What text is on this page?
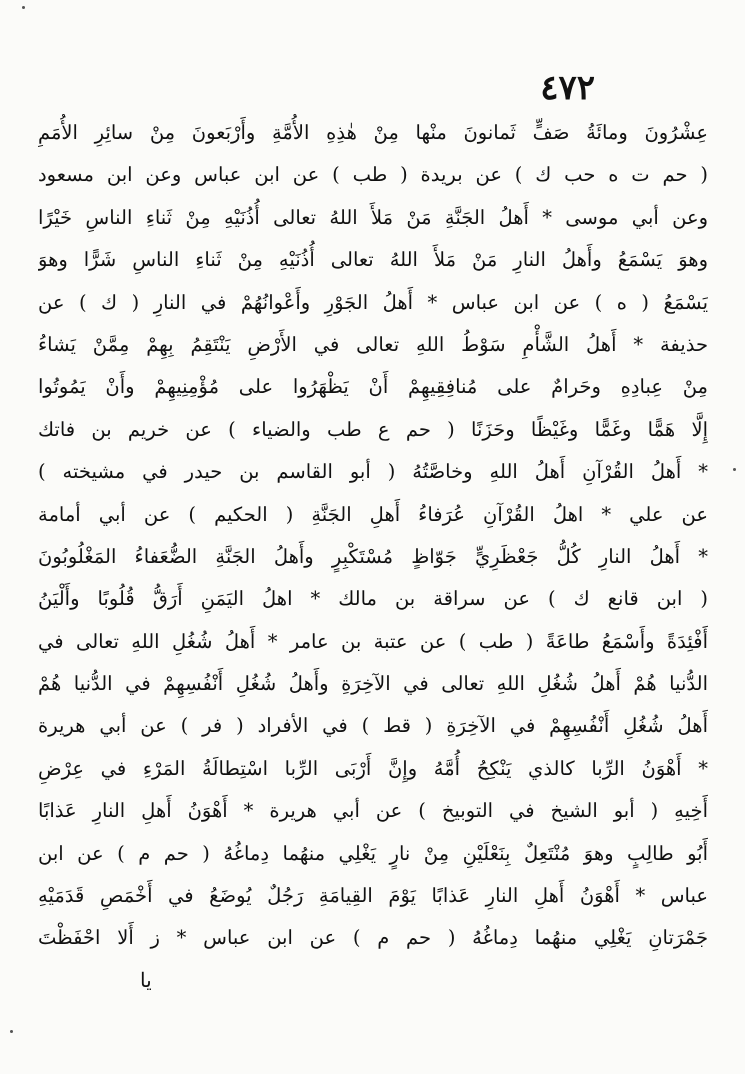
٤٧٢
عِشْرُونَ ومائَةُ صَفٍّ ثَمانونَ منْها مِنْ هٰذِهِ الأُمَّةِ وأَرْبَعونَ مِنْ سائِرِ الأُمَمِ
( حم ت ه حب ك ) عن بريدة ( طب ) عن ابن عباس وعن ابن مسعود
وعن أبي موسى * أَهلُ الجَنَّةِ مَنْ مَلأَ اللهُ تعالى أُذُنَيْهِ مِنْ ثَناءِ الناسِ خَيْرًا
وهوَ يَسْمَعُ وأَهلُ النارِ مَنْ مَلأَ اللهُ تعالى أُذُنَيْهِ مِنْ ثَناءِ الناسِ شَرًّا وهوَ
يَسْمَعُ ( ه ) عن ابن عباس * أَهلُ الجَوْرِ وأَعْوانُهُمْ في النارِ ( ك ) عن
حذيفة * أَهلُ الشَّأْمِ سَوْطُ اللهِ تعالى في الأَرْضِ يَنْتَقِمُ بِهِمْ مِمَّنْ يَشاءُ
مِنْ عِبادِهِ وحَرامٌ على مُنافِقِيهِمْ أَنْ يَظْهَرُوا على مُؤْمِنِيهِمْ وأَنْ يَمُوتُوا
إِلَّا هَمًّا وغَمًّا وغَيْظًا وحَزَنًا ( حم ع طب والضياء ) عن خريم بن فاتك
* أَهلُ القُرْآنِ أَهلُ اللهِ وخاصَّتُهُ ( أبو القاسم بن حيدر في مشيخته )
عن علي * اهلُ القُرْآنِ عُرَفاءُ أَهلِ الجَنَّةِ ( الحكيم ) عن أبي أمامة
* أَهلُ النارِ كُلُّ جَعْظَرِيٍّ جَوّاظٍ مُسْتَكْبِرٍ وأَهلُ الجَنَّةِ الضُّعَفاءُ المَغْلُوبُونَ
( ابن قانع ك ) عن سراقة بن مالك * اهلُ اليَمَنِ أَرَقُّ قُلُوبًا وأَلْيَنُ
أَفْئِدَةً وأَسْمَعُ طاعَةً ( طب ) عن عتبة بن عامر * أَهلُ شُغُلِ اللهِ تعالى في
الدُّنيا هُمْ أَهلُ شُغُلِ اللهِ تعالى في الآخِرَةِ وأَهلُ شُغُلِ أَنْفُسِهِمْ في الدُّنيا هُمْ
أَهلُ شُغُلِ أَنْفُسِهِمْ في الآخِرَةِ ( قط ) في الأفراد ( فر ) عن أبي هريرة
* أَهْوَنُ الرِّبا كالذي يَنْكِحُ أُمَّهُ وإِنَّ أَرْبَى الرِّبا اسْتِطالَةُ المَرْءِ في عِرْضِ
أَخِيهِ ( أبو الشيخ في التوبيخ ) عن أبي هريرة * أَهْوَنُ أَهلِ النارِ عَذابًا
أَبُو طالِبٍ وهوَ مُنْتَعِلٌ بِنَعْلَيْنِ مِنْ نارٍ يَغْلِي منهُما دِماغُهُ ( حم م ) عن ابن
عباس * أَهْوَنُ أَهلِ النارِ عَذابًا يَوْمَ القِيامَةِ رَجُلٌ يُوضَعُ في أَخْمَصِ قَدَمَيْهِ
جَمْرَتانِ يَغْلِي منهُما دِماغُهُ ( حم م ) عن ابن عباس * ز أَلا احْفَظْتَ
يا
